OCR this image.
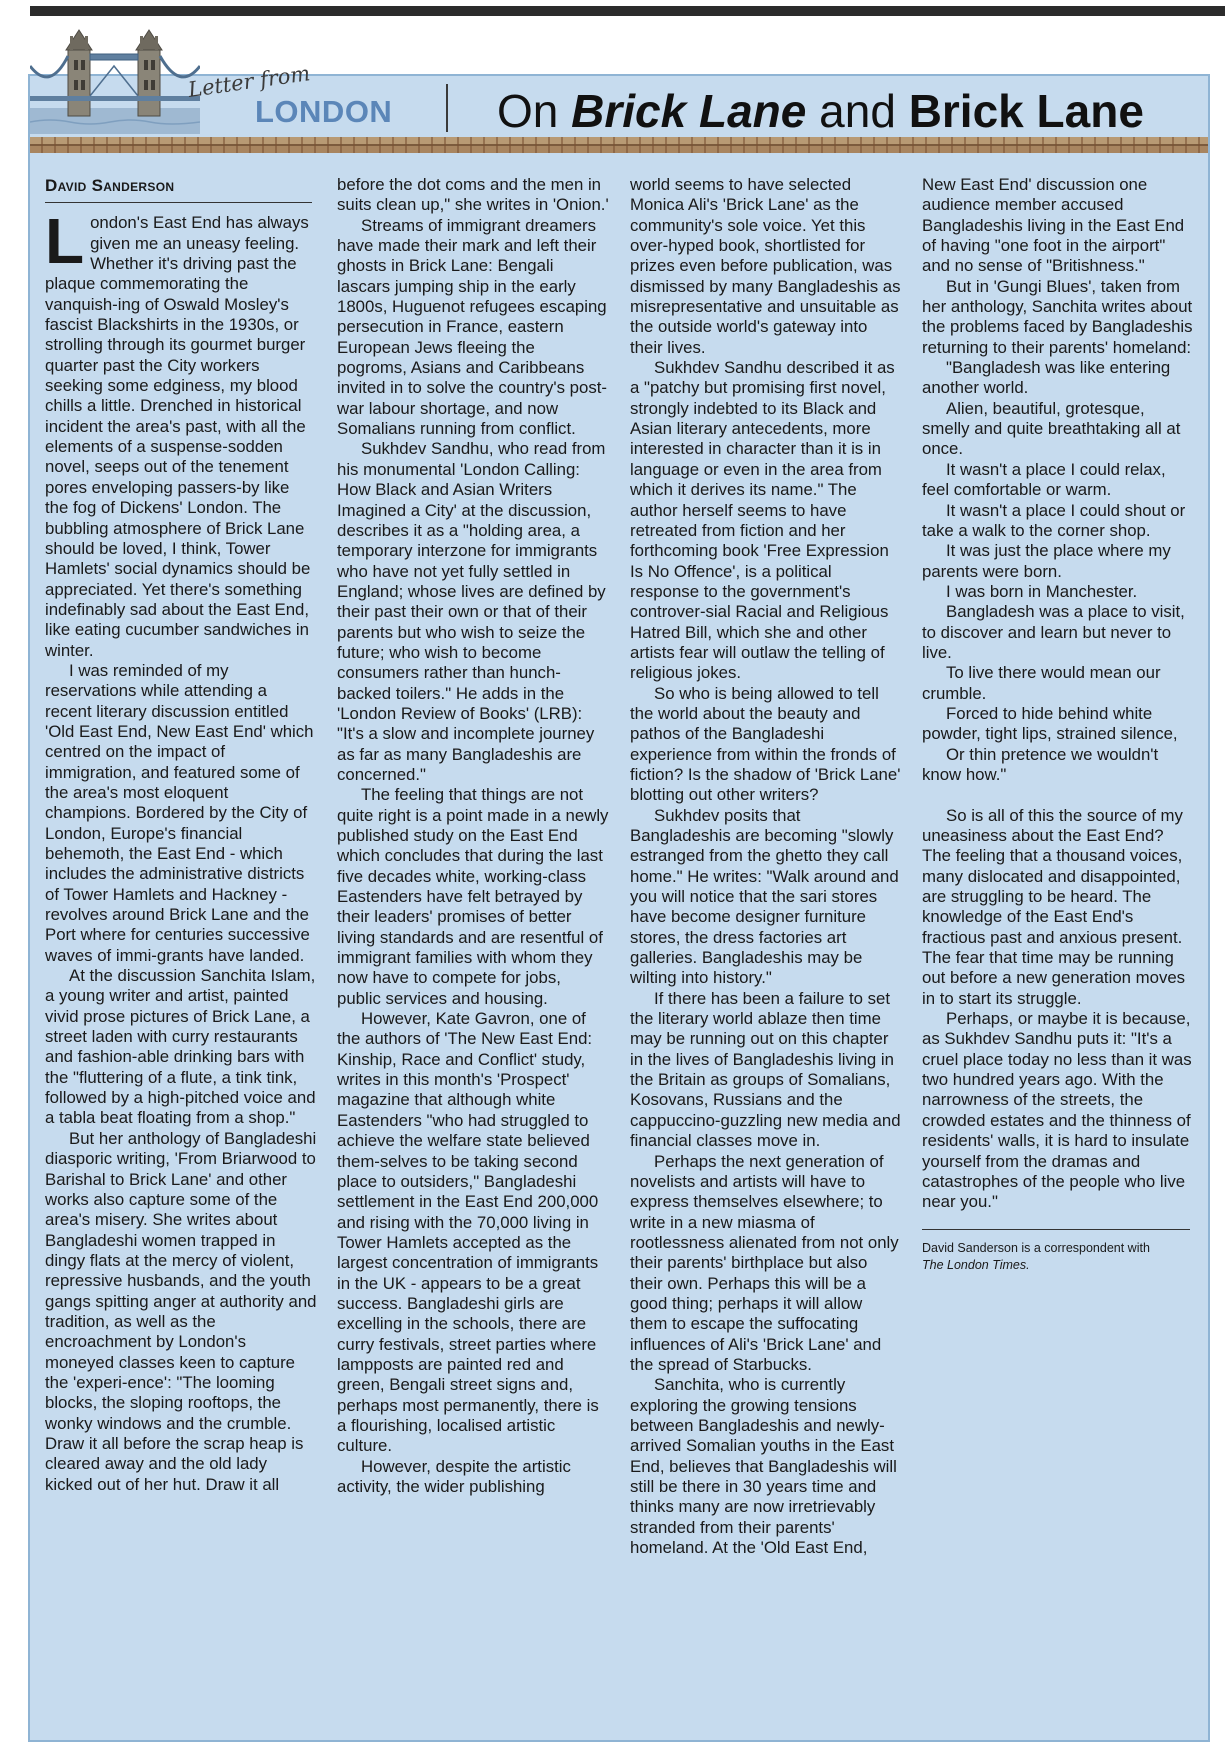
Letter from
LONDON On Brick Lane and Brick Lane
David Sanderson

London's East End has always given me an uneasy feeling. Whether it's driving past the plaque commemorating the vanquish-ing of Oswald Mosley's fascist Blackshirts in the 1930s, or strolling through its gourmet burger quarter past the City workers seeking some edginess, my blood chills a little. Drenched in historical incident the area's past, with all the elements of a suspense-sodden novel, seeps out of the tenement pores enveloping passers-by like the fog of Dickens' London. The bubbling atmosphere of Brick Lane should be loved, I think, Tower Hamlets' social dynamics should be appreciated. Yet there's something indefinably sad about the East End, like eating cucumber sandwiches in winter.

I was reminded of my reservations while attending a recent literary discussion entitled 'Old East End, New East End' which centred on the impact of immigration, and featured some of the area's most eloquent champions. Bordered by the City of London, Europe's financial behemoth, the East End - which includes the administrative districts of Tower Hamlets and Hackney - revolves around Brick Lane and the Port where for centuries successive waves of immi-grants have landed.

At the discussion Sanchita Islam, a young writer and artist, painted vivid prose pictures of Brick Lane, a street laden with curry restaurants and fashion-able drinking bars with the "fluttering of a flute, a tink tink, followed by a high-pitched voice and a tabla beat floating from a shop."

But her anthology of Bangladeshi diasporic writing, 'From Briarwood to Barishal to Brick Lane' and other works also capture some of the area's misery. She writes about Bangladeshi women trapped in dingy flats at the mercy of violent, repressive husbands, and the youth gangs spitting anger at authority and tradition, as well as the encroachment by London's moneyed classes keen to capture the 'experi-ence': "The looming blocks, the sloping rooftops, the wonky windows and the crumble. Draw it all before the scrap heap is cleared away and the old lady kicked out of her hut. Draw it all

before the dot coms and the men in suits clean up," she writes in 'Onion.'

Streams of immigrant dreamers have made their mark and left their ghosts in Brick Lane: Bengali lascars jumping ship in the early 1800s, Huguenot refugees escaping persecution in France, eastern European Jews fleeing the pogroms, Asians and Caribbeans invited in to solve the country's post-war labour shortage, and now Somalians running from conflict.

Sukhdev Sandhu, who read from his monumental 'London Calling: How Black and Asian Writers Imagined a City' at the discussion, describes it as a "holding area, a temporary interzone for immigrants who have not yet fully settled in England; whose lives are defined by their past their own or that of their parents but who wish to seize the future; who wish to become consumers rather than hunch-backed toilers." He adds in the 'London Review of Books' (LRB): "It's a slow and incomplete journey as far as many Bangladeshis are concerned."

The feeling that things are not quite right is a point made in a newly published study on the East End which concludes that during the last five decades white, working-class Eastenders have felt betrayed by their leaders' promises of better living standards and are resentful of immigrant families with whom they now have to compete for jobs, public services and housing.

However, Kate Gavron, one of the authors of 'The New East End: Kinship, Race and Conflict' study, writes in this month's 'Prospect' magazine that although white Eastenders "who had struggled to achieve the welfare state believed them-selves to be taking second place to outsiders," Bangladeshi settlement in the East End 200,000 and rising with the 70,000 living in Tower Hamlets accepted as the largest concentration of immigrants in the UK - appears to be a great success. Bangladeshi girls are excelling in the schools, there are curry festivals, street parties where lampposts are painted red and green, Bengali street signs and, perhaps most permanently, there is a flourishing, localised artistic culture.

However, despite the artistic activity, the wider publishing

world seems to have selected Monica Ali's 'Brick Lane' as the community's sole voice. Yet this over-hyped book, shortlisted for prizes even before publication, was dismissed by many Bangladeshis as misrepresentative and unsuitable as the outside world's gateway into their lives.

Sukhdev Sandhu described it as a "patchy but promising first novel, strongly indebted to its Black and Asian literary antecedents, more interested in character than it is in language or even in the area from which it derives its name." The author herself seems to have retreated from fiction and her forthcoming book 'Free Expression Is No Offence', is a political response to the government's controver-sial Racial and Religious Hatred Bill, which she and other artists fear will outlaw the telling of religious jokes.

So who is being allowed to tell the world about the beauty and pathos of the Bangladeshi experience from within the fronds of fiction? Is the shadow of 'Brick Lane' blotting out other writers?

Sukhdev posits that Bangladeshis are becoming "slowly estranged from the ghetto they call home." He writes: "Walk around and you will notice that the sari stores have become designer furniture stores, the dress factories art galleries. Bangladeshis may be wilting into history."

If there has been a failure to set the literary world ablaze then time may be running out on this chapter in the lives of Bangladeshis living in the Britain as groups of Somalians, Kosovans, Russians and the cappuccino-guzzling new media and financial classes move in.

Perhaps the next generation of novelists and artists will have to express themselves elsewhere; to write in a new miasma of rootlessness alienated from not only their parents' birthplace but also their own. Perhaps this will be a good thing; perhaps it will allow them to escape the suffocating influences of Ali's 'Brick Lane' and the spread of Starbucks.

Sanchita, who is currently exploring the growing tensions between Bangladeshis and newly-arrived Somalian youths in the East End, believes that Bangladeshis will still be there in 30 years time and thinks many are now irretrievably stranded from their parents' homeland. At the 'Old East End,

New East End' discussion one audience member accused Bangladeshis living in the East End of having "one foot in the airport" and no sense of "Britishness."

But in 'Gungi Blues', taken from her anthology, Sanchita writes about the problems faced by Bangladeshis returning to their parents' homeland:

"Bangladesh was like entering another world.

Alien, beautiful, grotesque, smelly and quite breathtaking all at once.

It wasn't a place I could relax, feel comfortable or warm.

It wasn't a place I could shout or take a walk to the corner shop.

It was just the place where my parents were born.

I was born in Manchester.

Bangladesh was a place to visit, to discover and learn but never to live.

To live there would mean our crumble.

Forced to hide behind white powder, tight lips, strained silence,

Or thin pretence we wouldn't know how."

So is all of this the source of my uneasiness about the East End? The feeling that a thousand voices, many dislocated and disappointed, are struggling to be heard. The knowledge of the East End's fractious past and anxious present. The fear that time may be running out before a new generation moves in to start its struggle.

Perhaps, or maybe it is because, as Sukhdev Sandhu puts it: "It's a cruel place today no less than it was two hundred years ago. With the narrowness of the streets, the crowded estates and the thinness of residents' walls, it is hard to insulate yourself from the dramas and catastrophes of the people who live near you."

David Sanderson is a correspondent with
The London Times.
